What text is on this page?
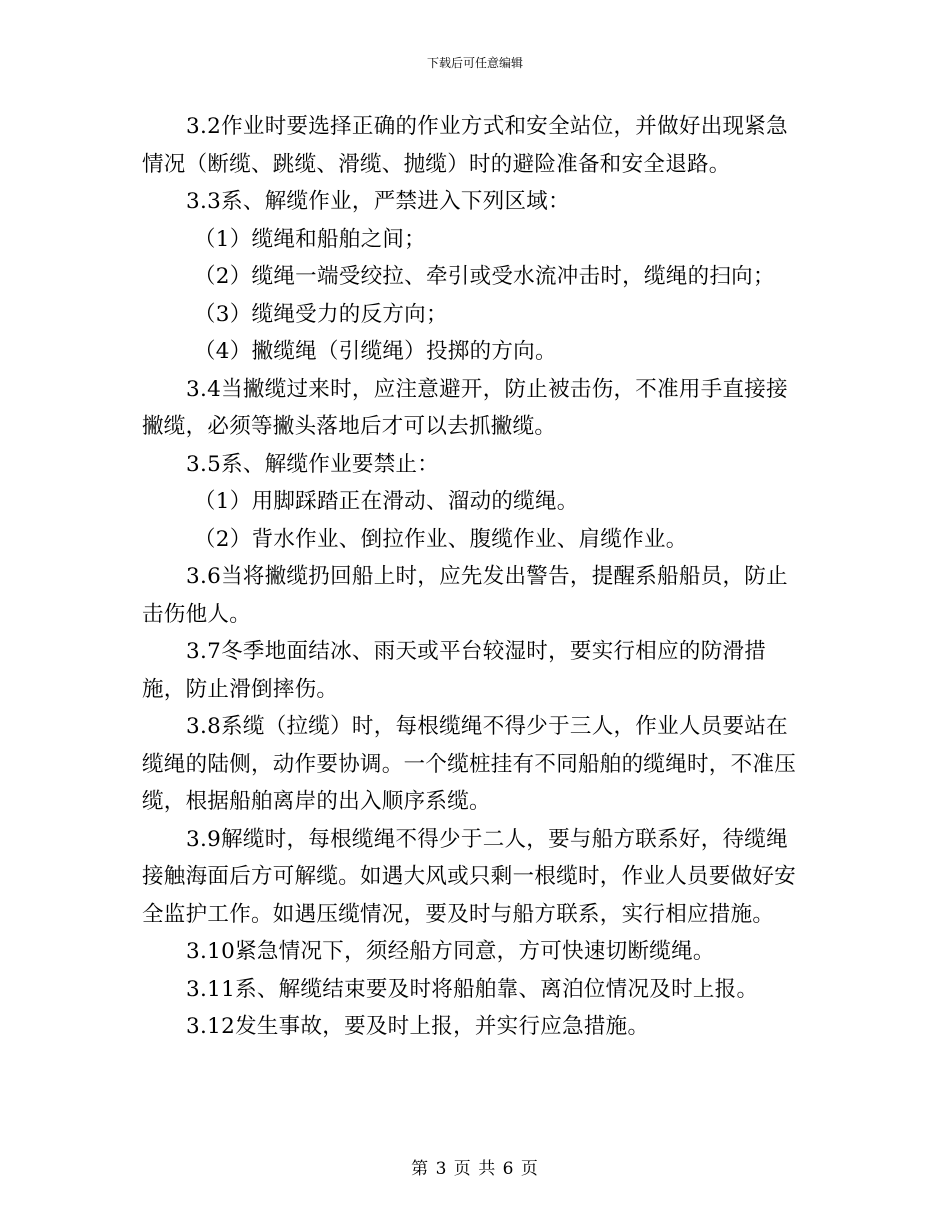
下载后可任意编辑

3.2作业时要选择正确的作业方式和安全站位，并做好出现紧急情况（断缆、跳缆、滑缆、抛缆）时的避险准备和安全退路。

3.3系、解缆作业，严禁进入下列区域：

（1）缆绳和船舶之间；

（2）缆绳一端受绞拉、牵引或受水流冲击时，缆绳的扫向；

（3）缆绳受力的反方向；

（4）撇缆绳（引缆绳）投掷的方向。

3.4当撇缆过来时，应注意避开，防止被击伤，不准用手直接接撇缆，必须等撇头落地后才可以去抓撇缆。

3.5系、解缆作业要禁止：

（1）用脚踩踏正在滑动、溜动的缆绳。

（2）背水作业、倒拉作业、腹缆作业、肩缆作业。

3.6当将撇缆扔回船上时，应先发出警告，提醒系船船员，防止击伤他人。

3.7冬季地面结冰、雨天或平台较湿时，要实行相应的防滑措施，防止滑倒摔伤。

3.8系缆（拉缆）时，每根缆绳不得少于三人，作业人员要站在缆绳的陆侧，动作要协调。一个缆桩挂有不同船舶的缆绳时，不准压缆，根据船舶离岸的出入顺序系缆。

3.9解缆时，每根缆绳不得少于二人，要与船方联系好，待缆绳接触海面后方可解缆。如遇大风或只剩一根缆时，作业人员要做好安全监护工作。如遇压缆情况，要及时与船方联系，实行相应措施。

3.10紧急情况下，须经船方同意，方可快速切断缆绳。

3.11系、解缆结束要及时将船舶靠、离泊位情况及时上报。

3.12发生事故，要及时上报，并实行应急措施。

第 3 页 共 6 页
